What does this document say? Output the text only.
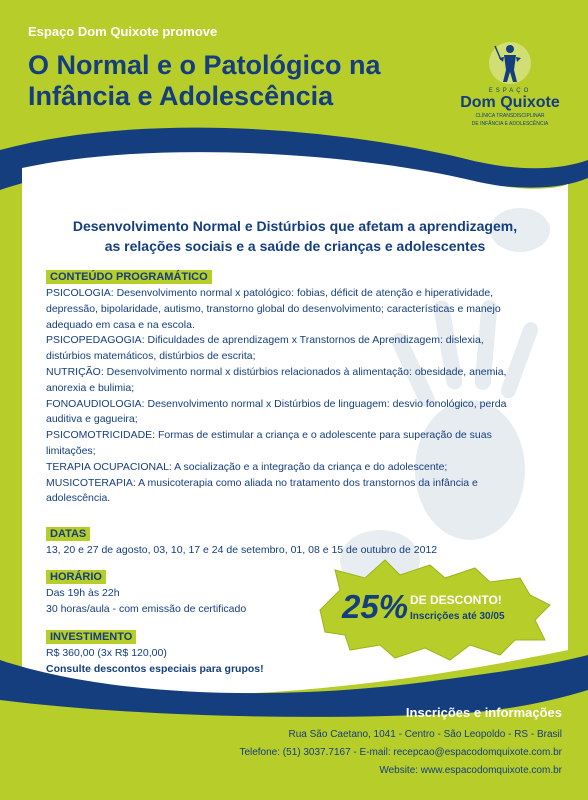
Espaço Dom Quixote promove
O Normal e o Patológico na
Infância e Adolescência	ESPAÇO
Dom Quixote
CLÍNICA TRANSDISCIPLINAR
DE INFÂNCIA E ADOLESCÊNCIA
Desenvolvimento Normal e Distúrbios que afetam a aprendizagem,
as relações sociais e a saúde de crianças e adolescentes
CONTEÚDO PROGRAMÁTICO

PSICOLOGIA: Desenvolvimento normal x patológico: fobias, déficit de atenção e hiperatividade, depressão, bipolaridade, autismo, transtorno global do desenvolvimento; características e manejo adequado em casa e na escola.

PSICOPEDAGOGIA: Dificuldades de aprendizagem x Transtornos de Aprendizagem: dislexia, distúrbios matemáticos, distúrbios de escrita;

NUTRIÇÃO: Desenvolvimento normal x distúrbios relacionados à alimentação: obesidade, anemia, anorexia e bulimia;

FONOAUDIOLOGIA: Desenvolvimento normal x Distúrbios de linguagem: desvio fonológico, perda auditiva e gagueira;

PSICOMOTRICIDADE: Formas de estimular a criança e o adolescente para superação de suas limitações;

TERAPIA OCUPACIONAL: A socialização e a integração da criança e do adolescente;

MUSICOTERAPIA: A musicoterapia como aliada no tratamento dos transtornos da infância e adolescência.

DATAS
13, 20 e 27 de agosto, 03, 10, 17 e 24 de setembro, 01, 08 e 15 de outubro de 2012
HORÁRIO
Das 19h às 22h
30 horas/aula - com emissão de certificado
INVESTIMENTO
R$ 360,00 (3x R$ 120,00)
Consulte descontos especiais para grupos!
25% DE DESCONTO!
Inscrições até 30/05
Inscrições e informações
Rua São Caetano, 1041 - Centro - São Leopoldo - RS - Brasil
Telefone: (51) 3037.7167 - E-mail: recepcao@espacodomquixote.com.br
Website: www.espacodomquixote.com.br
